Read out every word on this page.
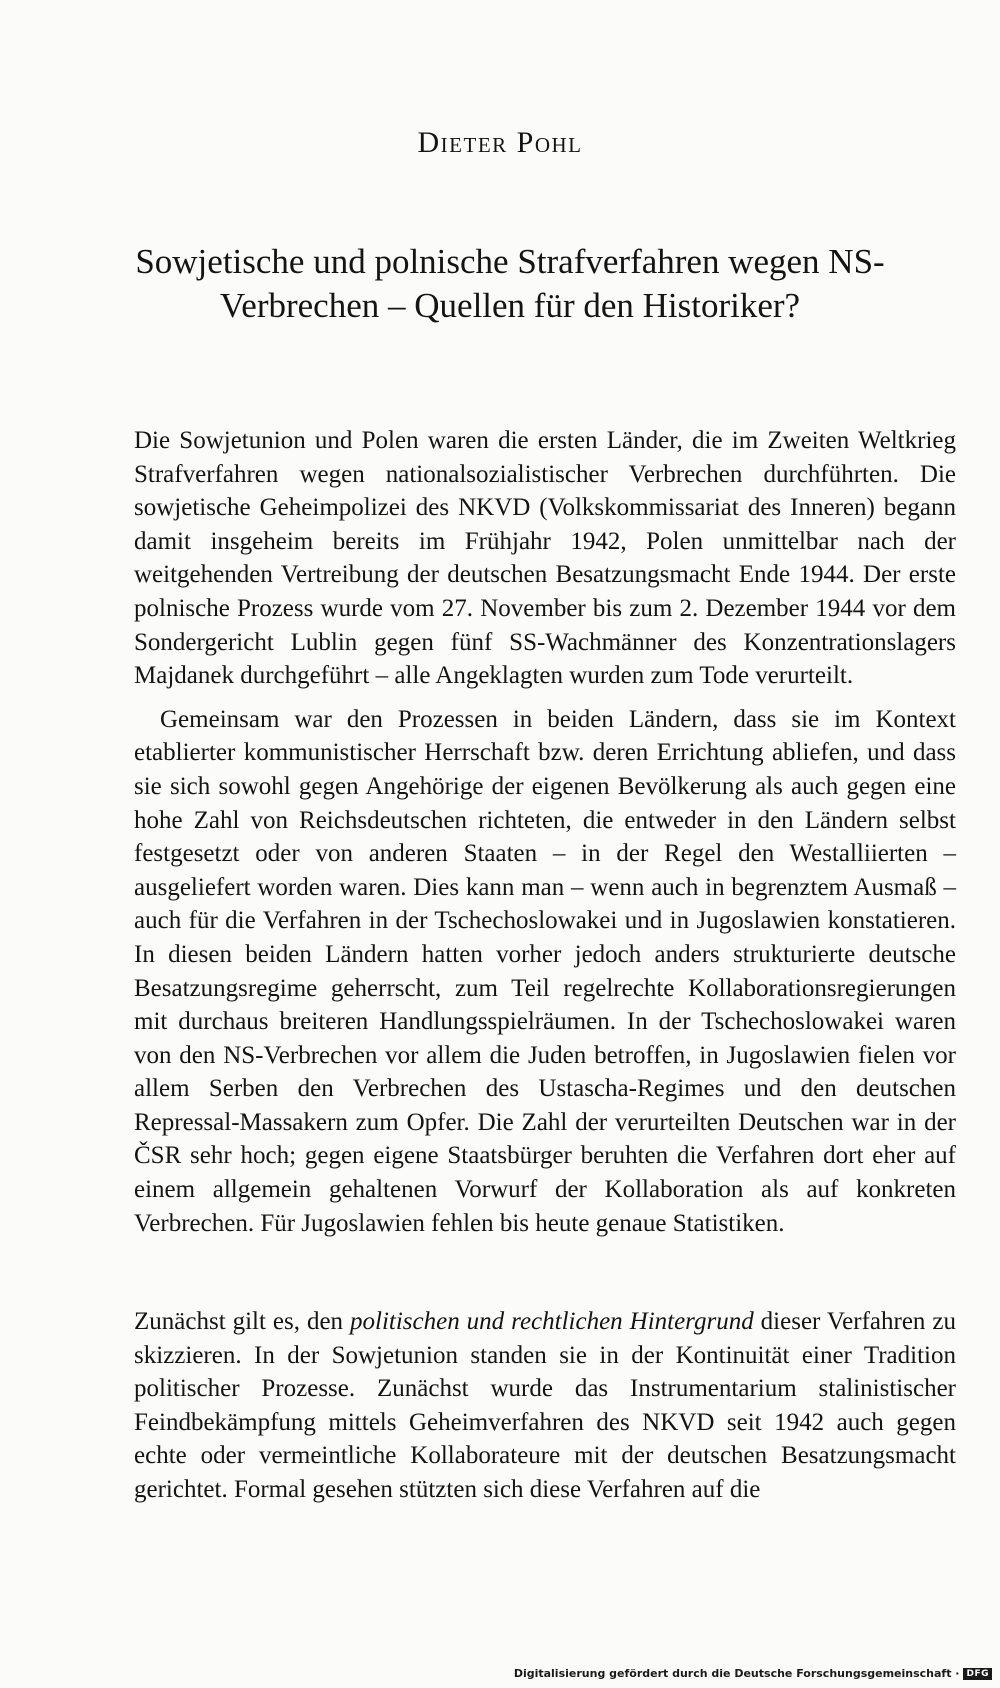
Dieter Pohl
Sowjetische und polnische Strafverfahren wegen NS-Verbrechen – Quellen für den Historiker?

Die Sowjetunion und Polen waren die ersten Länder, die im Zweiten Weltkrieg Strafverfahren wegen nationalsozialistischer Verbrechen durchführten. Die sowjetische Geheimpolizei des NKVD (Volkskommissariat des Inneren) begann damit insgeheim bereits im Frühjahr 1942, Polen unmittelbar nach der weitgehenden Vertreibung der deutschen Besatzungsmacht Ende 1944. Der erste polnische Prozess wurde vom 27. November bis zum 2. Dezember 1944 vor dem Sondergericht Lublin gegen fünf SS-Wachmänner des Konzentrationslagers Majdanek durchgeführt – alle Angeklagten wurden zum Tode verurteilt.

Gemeinsam war den Prozessen in beiden Ländern, dass sie im Kontext etablierter kommunistischer Herrschaft bzw. deren Errichtung abliefen, und dass sie sich sowohl gegen Angehörige der eigenen Bevölkerung als auch gegen eine hohe Zahl von Reichsdeutschen richteten, die entweder in den Ländern selbst festgesetzt oder von anderen Staaten – in der Regel den Westalliierten – ausgeliefert worden waren. Dies kann man – wenn auch in begrenztem Ausmaß – auch für die Verfahren in der Tschechoslowakei und in Jugoslawien konstatieren. In diesen beiden Ländern hatten vorher jedoch anders strukturierte deutsche Besatzungsregime geherrscht, zum Teil regelrechte Kollaborationsregierungen mit durchaus breiteren Handlungsspielräumen. In der Tschechoslowakei waren von den NS-Verbrechen vor allem die Juden betroffen, in Jugoslawien fielen vor allem Serben den Verbrechen des Ustascha-Regimes und den deutschen Repressal-Massakern zum Opfer. Die Zahl der verurteilten Deutschen war in der ČSR sehr hoch; gegen eigene Staatsbürger beruhten die Verfahren dort eher auf einem allgemein gehaltenen Vorwurf der Kollaboration als auf konkreten Verbrechen. Für Jugoslawien fehlen bis heute genaue Statistiken.

Zunächst gilt es, den politischen und rechtlichen Hintergrund dieser Verfahren zu skizzieren. In der Sowjetunion standen sie in der Kontinuität einer Tradition politischer Prozesse. Zunächst wurde das Instrumentarium stalinistischer Feindbekämpfung mittels Geheimverfahren des NKVD seit 1942 auch gegen echte oder vermeintliche Kollaborateure mit der deutschen Besatzungsmacht gerichtet. Formal gesehen stützten sich diese Verfahren auf die

Digitalisierung gefördert durch die Deutsche Forschungsgemeinschaft · DFG
